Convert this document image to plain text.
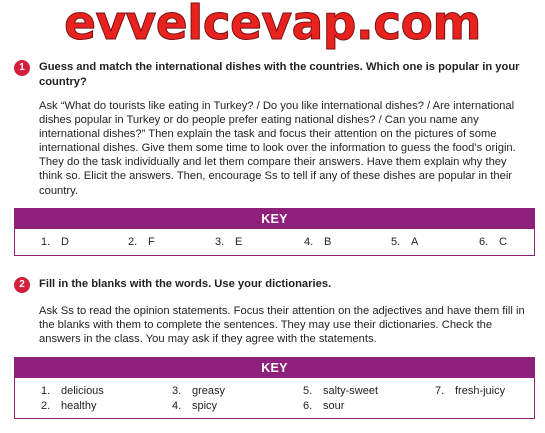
evvelcevap.com
1	Guess and match the international dishes with the countries. Which one is popular in your country?

Ask “What do tourists like eating in Turkey? / Do you like international dishes? / Are international dishes popular in Turkey or do people prefer eating national dishes? / Can you name any international dishes?” Then explain the task and focus their attention on the pictures of some international dishes. Give them some time to look over the information to guess the food’s origin. They do the task individually and let them compare their answers. Have them explain why they think so. Elicit the answers. Then, encourage Ss to tell if any of these dishes are popular in their country.

KEY
1. D	2. F	3. E	4. B	5. A	6. C
2	Fill in the blanks with the words. Use your dictionaries.

Ask Ss to read the opinion statements. Focus their attention on the adjectives and have them fill in the blanks with them to complete the sentences. They may use their dictionaries. Check the answers in the class. You may ask if they agree with the statements.

KEY
1. delicious
2. healthy
3. greasy
4. spicy
5. salty-sweet
6. sour
7. fresh-juicy
